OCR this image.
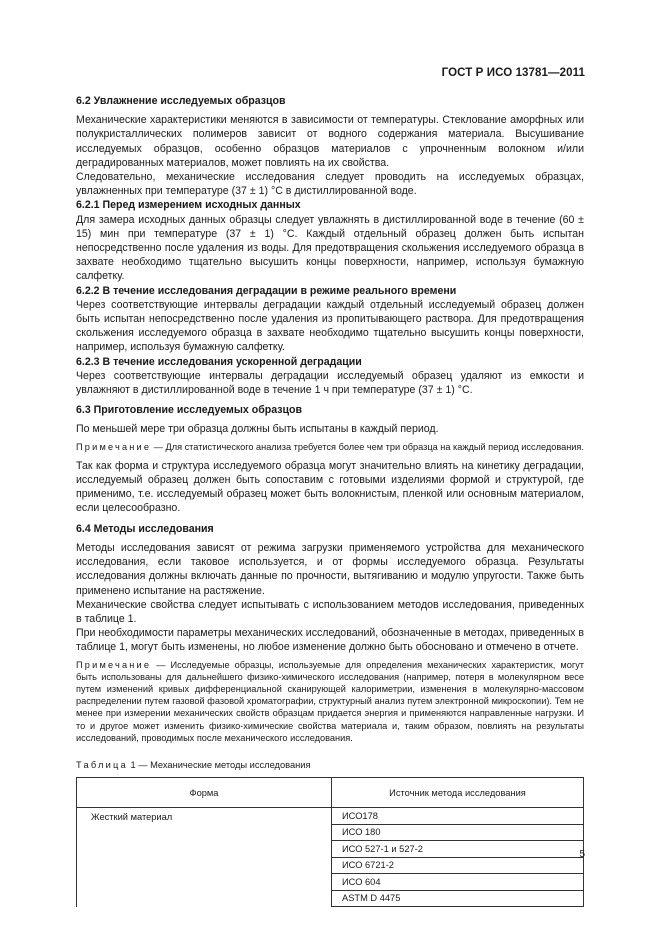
ГОСТ Р ИСО 13781—2011
6.2 Увлажнение исследуемых образцов

Механические характеристики меняются в зависимости от температуры. Стеклование аморфных или полукристаллических полимеров зависит от водного содержания материала. Высушивание исследуемых образцов, особенно образцов материалов с упрочненным волокном и/или деградированных материалов, может повлиять на их свойства.

Следовательно, механические исследования следует проводить на исследуемых образцах, увлажненных при температуре (37 ± 1) °С в дистиллированной воде.

6.2.1 Перед измерением исходных данных

Для замера исходных данных образцы следует увлажнять в дистиллированной воде в течение (60 ± 15) мин при температуре (37 ± 1) °С. Каждый отдельный образец должен быть испытан непосредственно после удаления из воды. Для предотвращения скольжения исследуемого образца в захвате необходимо тщательно высушить концы поверхности, например, используя бумажную салфетку.

6.2.2 В течение исследования деградации в режиме реального времени

Через соответствующие интервалы деградации каждый отдельный исследуемый образец должен быть испытан непосредственно после удаления из пропитывающего раствора. Для предотвращения скольжения исследуемого образца в захвате необходимо тщательно высушить концы поверхности, например, используя бумажную салфетку.

6.2.3 В течение исследования ускоренной деградации

Через соответствующие интервалы деградации исследуемый образец удаляют из емкости и увлажняют в дистиллированной воде в течение 1 ч при температуре (37 ± 1) °С.

6.3 Приготовление исследуемых образцов

По меньшей мере три образца должны быть испытаны в каждый период.

Примечание — Для статистического анализа требуется более чем три образца на каждый период исследования.

Так как форма и структура исследуемого образца могут значительно влиять на кинетику деградации, исследуемый образец должен быть сопоставим с готовыми изделиями формой и структурой, где применимо, т.е. исследуемый образец может быть волокнистым, пленкой или основным материалом, если целесообразно.

6.4 Методы исследования

Методы исследования зависят от режима загрузки применяемого устройства для механического исследования, если таковое используется, и от формы исследуемого образца. Результаты исследования должны включать данные по прочности, вытягиванию и модулю упругости. Также быть применено испытание на растяжение.

Механические свойства следует испытывать с использованием методов исследования, приведенных в таблице 1.

При необходимости параметры механических исследований, обозначенные в методах, приведенных в таблице 1, могут быть изменены, но любое изменение должно быть обосновано и отмечено в отчете.

Примечание — Исследуемые образцы, используемые для определения механических характеристик, могут быть использованы для дальнейшего физико-химического исследования (например, потеря в молекулярном весе путем изменений кривых дифференциальной сканирующей калориметрии, изменения в молекулярно-массовом распределении путем газовой фазовой хроматографии, структурный анализ путем электронной микроскопии). Тем не менее при измерении механических свойств образцам придается энергия и применяются направленные нагрузки. И то и другое может изменить физико-химические свойства материала и, таким образом, повлиять на результаты исследований, проводимых после механического исследования.
Таблица 1 — Механические методы исследования
Форма	Источник метода исследования
Жесткий материал	ИСО178
	ИСО 180
	ИСО 527-1 и 527-2
	ИСО 6721-2
	ИСО 604
	ASTM D 4475
5
